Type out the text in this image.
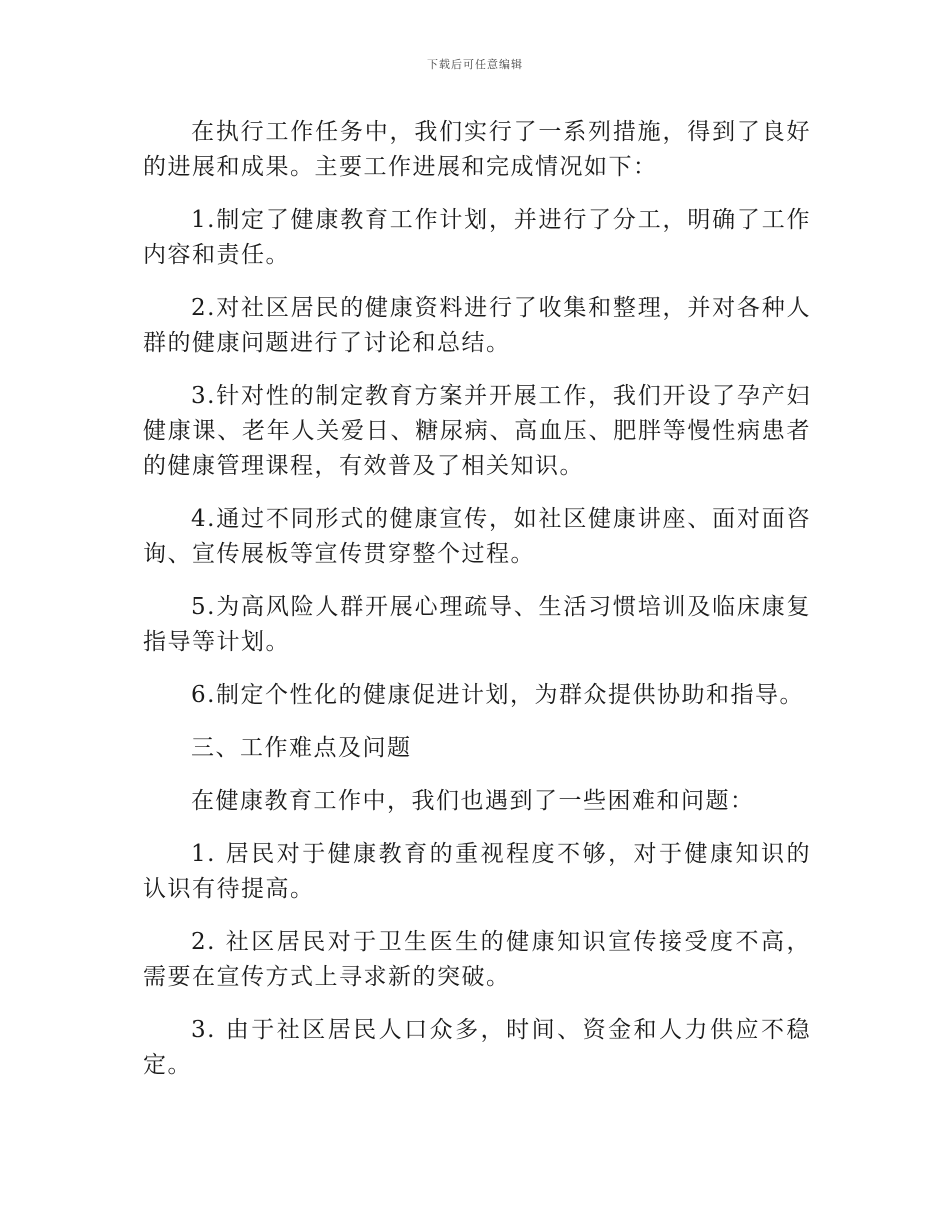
下载后可任意编辑

在执行工作任务中，我们实行了一系列措施，得到了良好的进展和成果。主要工作进展和完成情况如下：

1.制定了健康教育工作计划，并进行了分工，明确了工作内容和责任。

2.对社区居民的健康资料进行了收集和整理，并对各种人群的健康问题进行了讨论和总结。

3.针对性的制定教育方案并开展工作，我们开设了孕产妇健康课、老年人关爱日、糖尿病、高血压、肥胖等慢性病患者的健康管理课程，有效普及了相关知识。

4.通过不同形式的健康宣传，如社区健康讲座、面对面咨询、宣传展板等宣传贯穿整个过程。

5.为高风险人群开展心理疏导、生活习惯培训及临床康复指导等计划。

6.制定个性化的健康促进计划，为群众提供协助和指导。

三、工作难点及问题

在健康教育工作中，我们也遇到了一些困难和问题：

1. 居民对于健康教育的重视程度不够，对于健康知识的认识有待提高。

2. 社区居民对于卫生医生的健康知识宣传接受度不高，需要在宣传方式上寻求新的突破。

3. 由于社区居民人口众多，时间、资金和人力供应不稳定。
